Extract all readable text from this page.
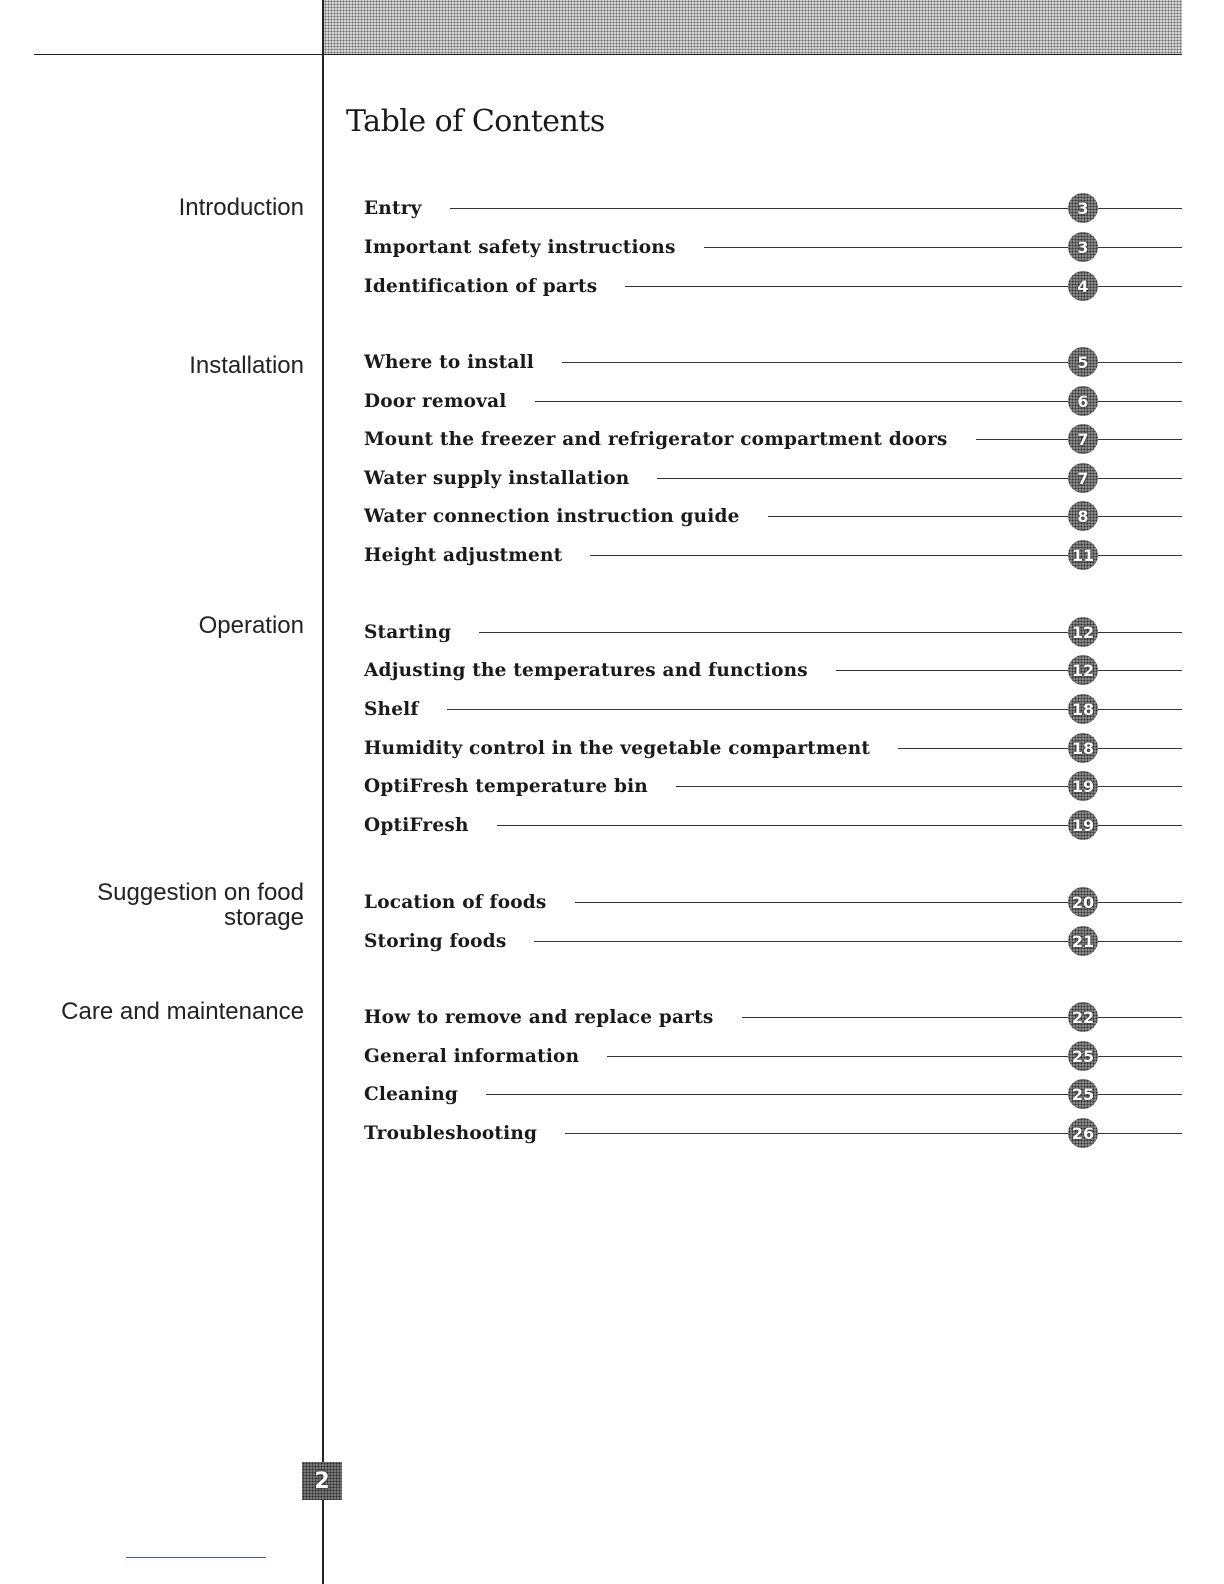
Table of Contents
Introduction
Installation
Operation
Suggestion on food storage
Care and maintenance
Entry	3
Important safety instructions	3
Identification of parts	4
Where to install	5
Door removal	6
Mount the freezer and refrigerator compartment doors	7
Water supply installation	7
Water connection instruction guide	8
Height adjustment	11
Starting	12
Adjusting the temperatures and functions	12
Shelf	18
Humidity control in the vegetable compartment	18
OptiFresh temperature bin	19
OptiFresh	19
Location of foods	20
Storing foods	21
How to remove and replace parts	22
General information	25
Cleaning	25
Troubleshooting	26
2
